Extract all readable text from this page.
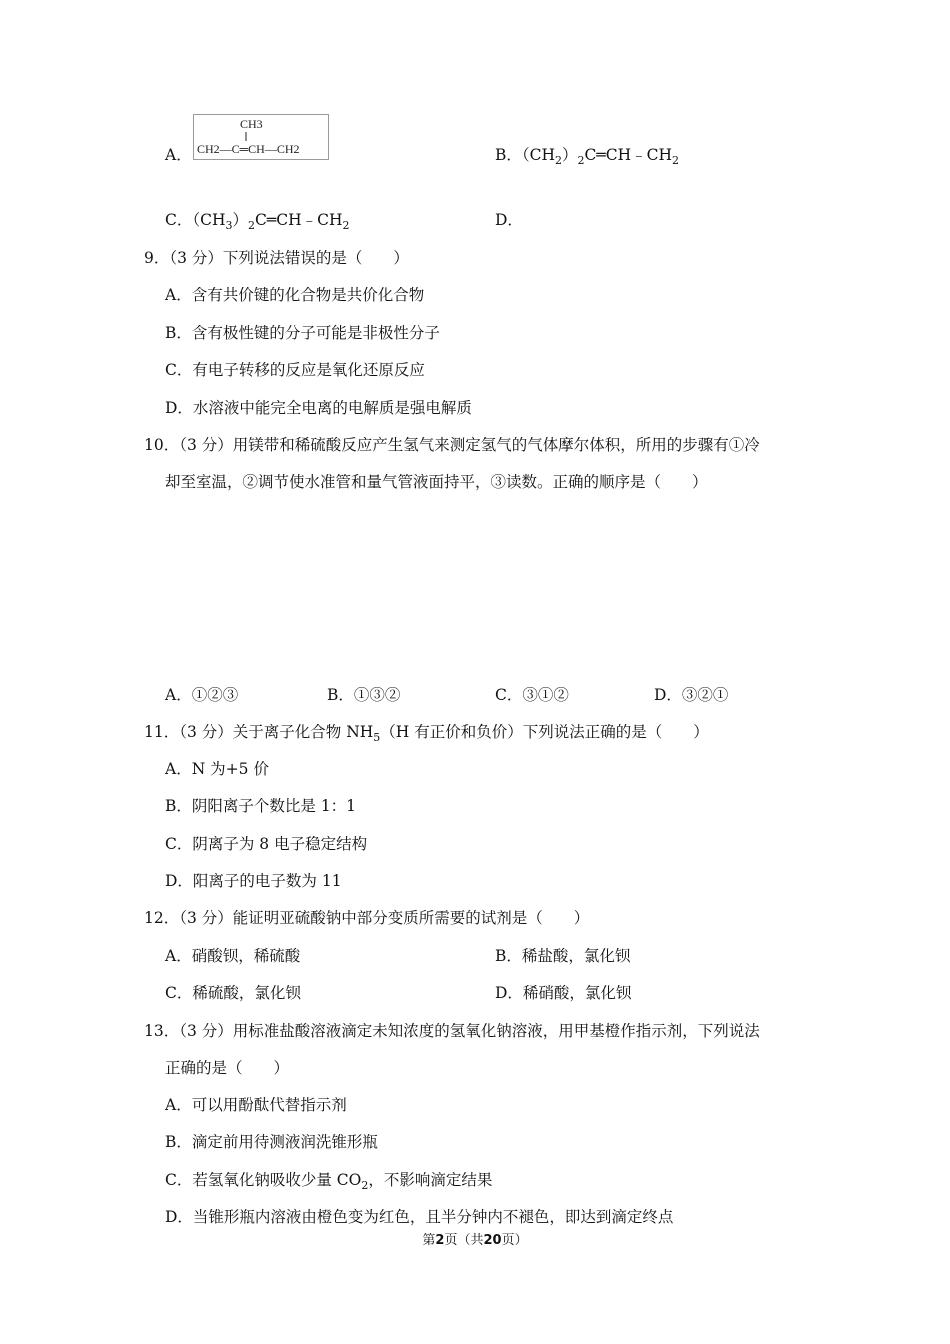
A．
CH3
CH2—C═CH—CH2	B．$(CH_2)_2C═CH﹣CH_2$
C．$(CH_3)_2C═CH﹣CH_2$	D．
9．（3 分）下列说法错误的是（　　）
A．含有共价键的化合物是共价化合物
B．含有极性键的分子可能是非极性分子
C．有电子转移的反应是氧化还原反应
D．水溶液中能完全电离的电解质是强电解质
10．（3 分）用镁带和稀硫酸反应产生氢气来测定氢气的气体摩尔体积，所用的步骤有①冷
却至室温，②调节使水准管和量气管液面持平，③读数。正确的顺序是（　　）
A．①②③	B．①③②	C．③①②	D．③②①
11．（3 分）关于离子化合物 $NH_5(H$ 有正价和负价）下列说法正确的是（　　）
A．N 为+5 价
B．阴阳离子个数比是 1：1
C．阴离子为 8 电子稳定结构
D．阳离子的电子数为 11
12．（3 分）能证明亚硫酸钠中部分变质所需要的试剂是（　　）
A．硝酸钡，稀硫酸	B．稀盐酸，氯化钡
C．稀硫酸，氯化钡	D．稀硝酸，氯化钡
13．（3 分）用标准盐酸溶液滴定未知浓度的氢氧化钠溶液，用甲基橙作指示剂，下列说法
正确的是（　　）
A．可以用酚酞代替指示剂
B．滴定前用待测液润洗锥形瓶
C．若氢氧化钠吸收少量 $CO_2$，不影响滴定结果
D．当锥形瓶内溶液由橙色变为红色，且半分钟内不褪色，即达到滴定终点
第2页（共20页）
